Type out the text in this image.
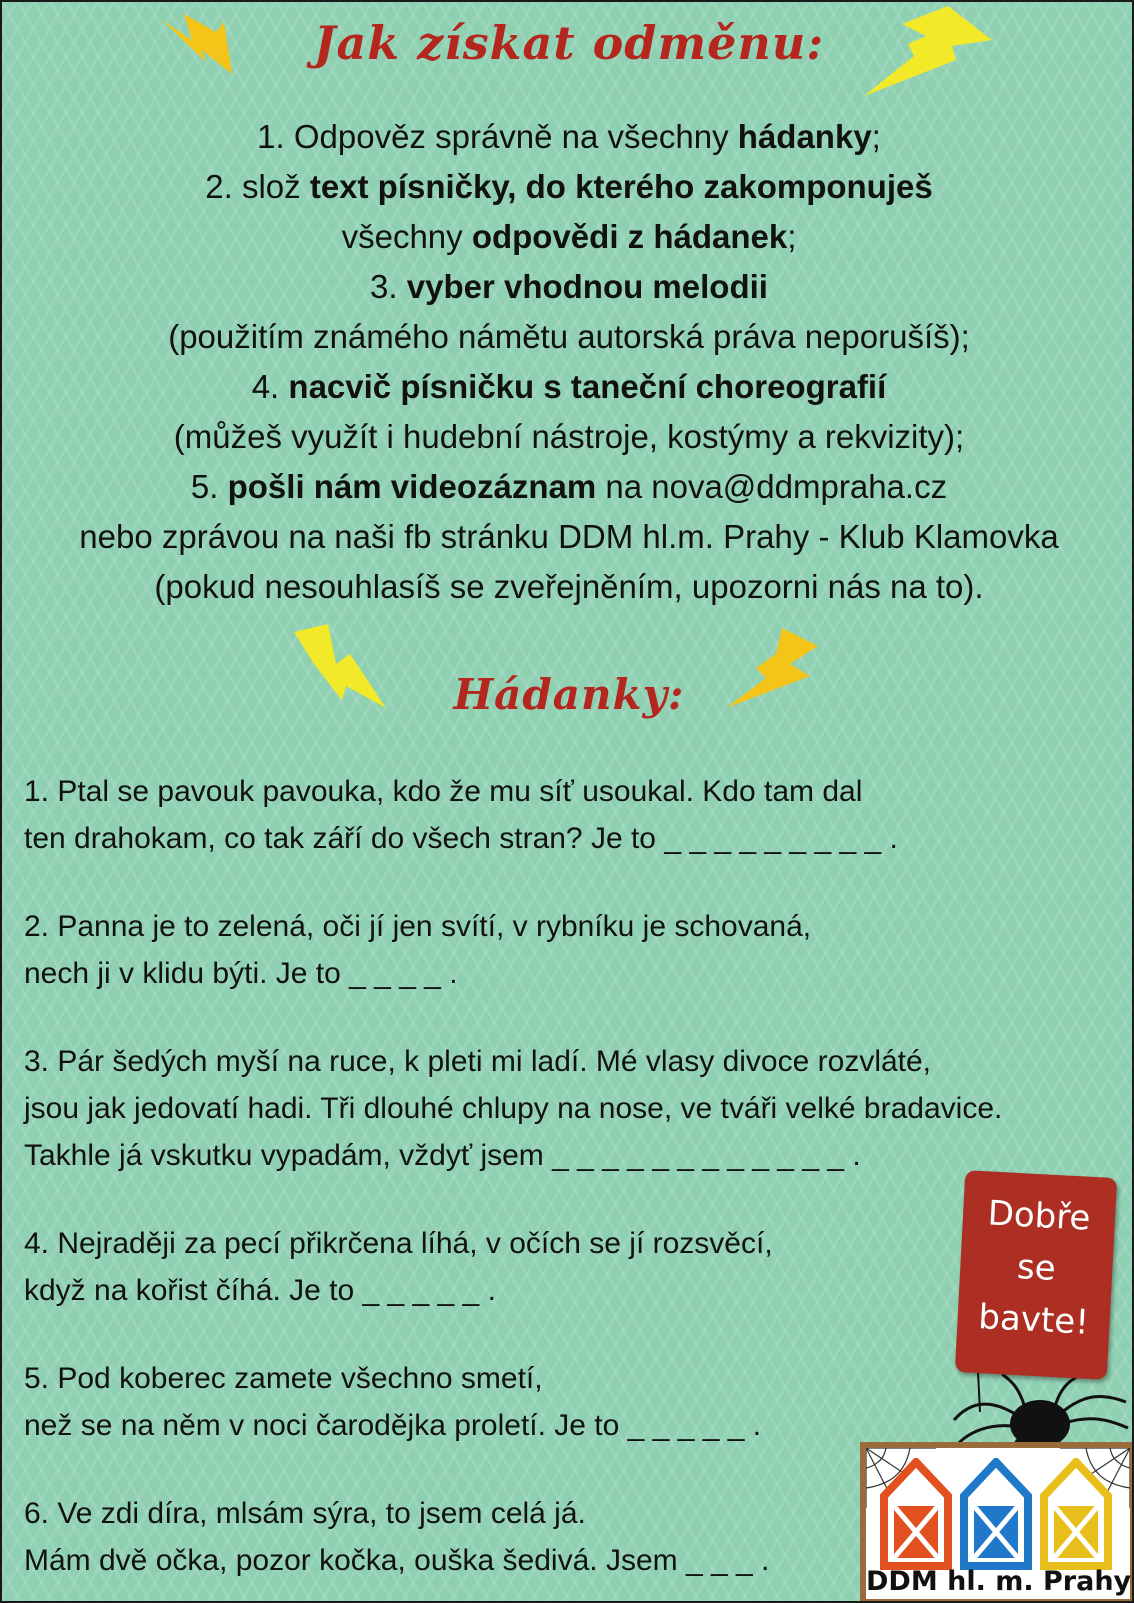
Jak získat odměnu:
1. Odpověz správně na všechny hádanky;
2. slož text písničky, do kterého zakomponuješ
všechny odpovědi z hádanek;
3. vyber vhodnou melodii
(použitím známého námětu autorská práva neporušíš);
4. nacvič písničku s taneční choreografií
(můžeš využít i hudební nástroje, kostýmy a rekvizity);
5. pošli nám videozáznam na nova@ddmpraha.cz
nebo zprávou na naši fb stránku DDM hl.m. Prahy - Klub Klamovka
(pokud nesouhlasíš se zveřejněním, upozorni nás na to).
Hádanky:
1. Ptal se pavouk pavouka, kdo že mu síť usoukal. Kdo tam dal
ten drahokam, co tak září do všech stran? Je to _ _ _ _ _ _ _ _ _ .
2. Panna je to zelená, oči jí jen svítí, v rybníku je schovaná,
nech ji v klidu býti. Je to _ _ _ _ .
3. Pár šedých myší na ruce, k pleti mi ladí. Mé vlasy divoce rozvláté,
jsou jak jedovatí hadi. Tři dlouhé chlupy na nose, ve tváři velké bradavice.
Takhle já vskutku vypadám, vždyť jsem _ _ _ _ _ _ _ _ _ _ _ _ .
4. Nejraději za pecí přikrčena líhá, v očích se jí rozsvěcí,
když na kořist číhá. Je to _ _ _ _ _ .
5. Pod koberec zamete všechno smetí,
než se na něm v noci čarodějka proletí. Je to _ _ _ _ _ .
6. Ve zdi díra, mlsám sýra, to jsem celá já.
Mám dvě očka, pozor kočka, ouška šedivá. Jsem _ _ _ .
Dobře
se
bavte!
DDM hl. m. Prahy
